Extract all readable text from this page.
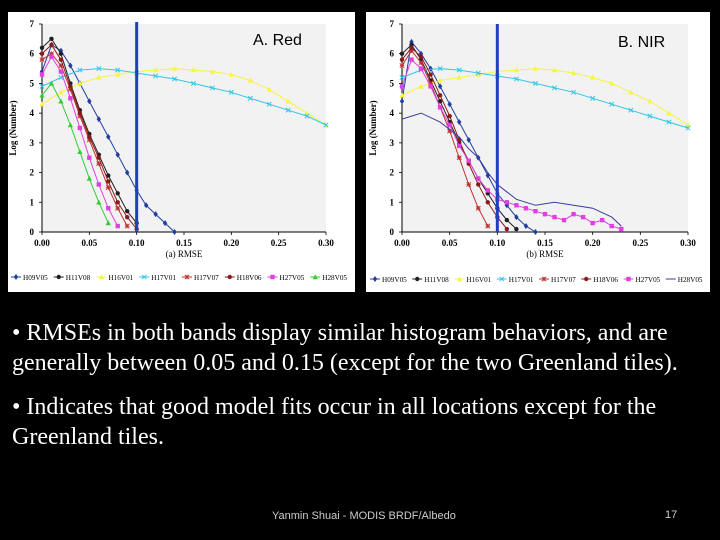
0
1
2
3
4
5
6
7
0.00	0.05	0.10	0.15	0.20	0.25	0.30
(a) RMSE
Log (Number)
H09V05 H11V08	H16V01 H17V01 H17V07 H18V06 H27V05 H28V05
A. Red
0
1
2
3
4
5
6
7
0.00	0.05	0.10	0.15	0.20	0.25	0.30
(b) RMSE
Log (Number)
H09V05 H11V08 H16V01 H17V01 H17V07 H18V06 H27V05 H28V05
B. NIR

• RMSEs in both bands display similar histogram behaviors, and are generally between 0.05 and 0.15 (except for the two Greenland tiles).

• Indicates that good model fits occur in all locations except for the Greenland tiles.

Yanmin Shuai - MODIS BRDF/Albedo	17
